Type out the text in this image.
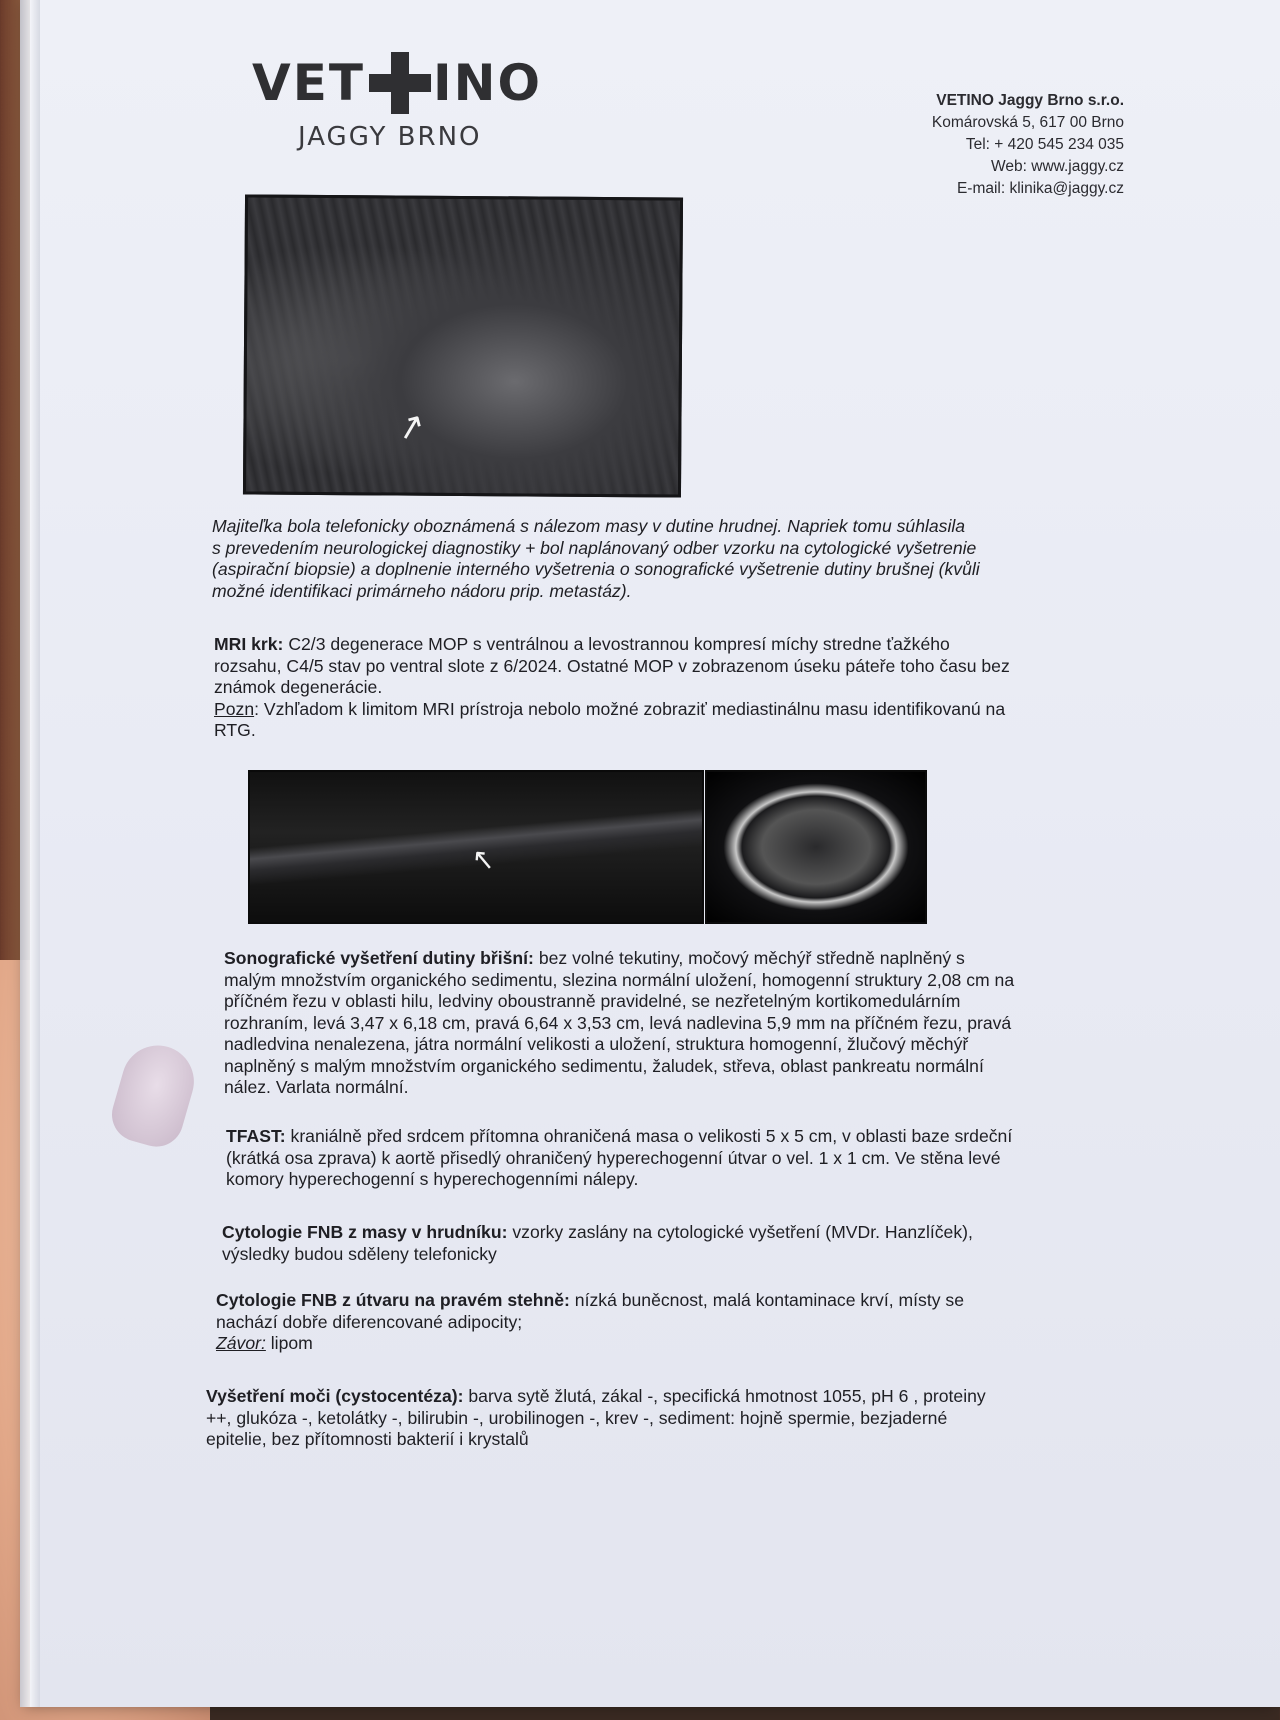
VET INO
JAGGY BRNO
VETINO Jaggy Brno s.r.o.
Komárovská 5, 617 00 Brno
Tel: + 420 545 234 035
Web: www.jaggy.cz
E-mail: klinika@jaggy.cz
↑
Majiteľka bola telefonicky oboznámená s nálezom masy v dutine hrudnej. Napriek tomu súhlasila
s prevedením neurologickej diagnostiky + bol naplánovaný odber vzorku na cytologické vyšetrenie
(aspirační biopsie) a doplnenie interného vyšetrenia o sonografické vyšetrenie dutiny brušnej (kvůli
možné identifikaci primárneho nádoru prip. metastáz).
MRI krk: C2/3 degenerace MOP s ventrálnou a levostrannou kompresí míchy stredne ťažkého
rozsahu, C4/5 stav po ventral slote z 6/2024. Ostatné MOP v zobrazenom úseku páteře toho času bez
známok degenerácie.
Pozn: Vzhľadom k limitom MRI prístroja nebolo možné zobraziť mediastinálnu masu identifikovanú na
RTG.
↑
Sonografické vyšetření dutiny břišní: bez volné tekutiny, močový měchýř středně naplněný s
malým množstvím organického sedimentu, slezina normální uložení, homogenní struktury 2,08 cm na
příčném řezu v oblasti hilu, ledviny oboustranně pravidelné, se nezřetelným kortikomedulárním
rozhraním, levá 3,47 x 6,18 cm, pravá 6,64 x 3,53 cm, levá nadlevina 5,9 mm na příčném řezu, pravá
nadledvina nenalezena, játra normální velikosti a uložení, struktura homogenní, žlučový měchýř
naplněný s malým množstvím organického sedimentu, žaludek, střeva, oblast pankreatu normální
nález. Varlata normální.
TFAST: kraniálně před srdcem přítomna ohraničená masa o velikosti 5 x 5 cm, v oblasti baze srdeční
(krátká osa zprava) k aortě přisedlý ohraničený hyperechogenní útvar o vel. 1 x 1 cm. Ve stěna levé
komory hyperechogenní s hyperechogenními nálepy.
Cytologie FNB z masy v hrudníku: vzorky zaslány na cytologické vyšetření (MVDr. Hanzlíček),
výsledky budou sděleny telefonicky
Cytologie FNB z útvaru na pravém stehně: nízká buněcnost, malá kontaminace krví, místy se
nachází dobře diferencované adipocity;
Závor: lipom
Vyšetření moči (cystocentéza): barva sytě žlutá, zákal -, specifická hmotnost 1055, pH 6 , proteiny
++, glukóza -, ketolátky -, bilirubin -, urobilinogen -, krev -, sediment: hojně spermie, bezjaderné
epitelie, bez přítomnosti bakterií i krystalů
